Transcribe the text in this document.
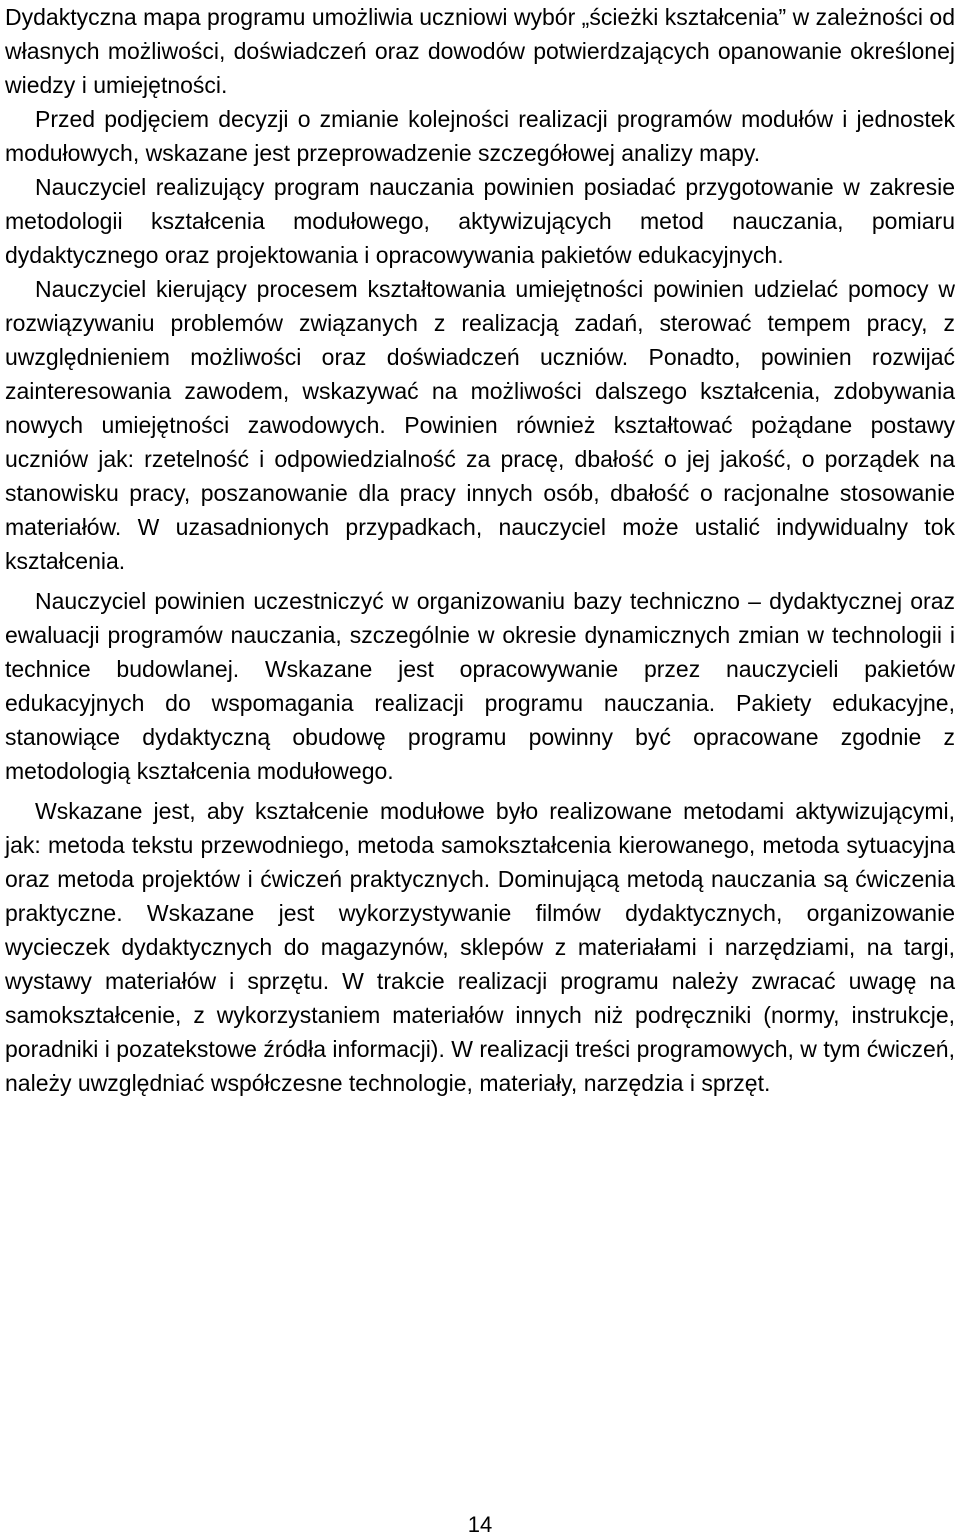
Dydaktyczna mapa programu umożliwia uczniowi wybór „ścieżki kształcenia” w zależności od własnych możliwości, doświadczeń oraz dowodów potwierdzających opanowanie określonej wiedzy i umiejętności.

Przed podjęciem decyzji o zmianie kolejności realizacji programów modułów i jednostek modułowych, wskazane jest przeprowadzenie szczegółowej analizy mapy.

Nauczyciel realizujący program nauczania powinien posiadać przygotowanie w zakresie metodologii kształcenia modułowego, aktywizujących metod nauczania, pomiaru dydaktycznego oraz projektowania i opracowywania pakietów edukacyjnych.

Nauczyciel kierujący procesem kształtowania umiejętności powinien udzielać pomocy w rozwiązywaniu problemów związanych z realizacją zadań, sterować tempem pracy, z uwzględnieniem możliwości oraz doświadczeń uczniów. Ponadto, powinien rozwijać zainteresowania zawodem, wskazywać na możliwości dalszego kształcenia, zdobywania nowych umiejętności zawodowych. Powinien również kształtować pożądane postawy uczniów jak: rzetelność i odpowiedzialność za pracę, dbałość o jej jakość, o porządek na stanowisku pracy, poszanowanie dla pracy innych osób, dbałość o racjonalne stosowanie materiałów. W uzasadnionych przypadkach, nauczyciel może ustalić indywidualny tok kształcenia.

Nauczyciel powinien uczestniczyć w organizowaniu bazy techniczno – dydaktycznej oraz ewaluacji programów nauczania, szczególnie w okresie dynamicznych zmian w technologii i technice budowlanej. Wskazane jest opracowywanie przez nauczycieli pakietów edukacyjnych do wspomagania realizacji programu nauczania. Pakiety edukacyjne, stanowiące dydaktyczną obudowę programu powinny być opracowane zgodnie z metodologią kształcenia modułowego.

Wskazane jest, aby kształcenie modułowe było realizowane metodami aktywizującymi, jak: metoda tekstu przewodniego, metoda samokształcenia kierowanego, metoda sytuacyjna oraz metoda projektów i ćwiczeń praktycznych. Dominującą metodą nauczania są ćwiczenia praktyczne. Wskazane jest wykorzystywanie filmów dydaktycznych, organizowanie wycieczek dydaktycznych do magazynów, sklepów z materiałami i narzędziami, na targi, wystawy materiałów i sprzętu. W trakcie realizacji programu należy zwracać uwagę na samokształcenie, z wykorzystaniem materiałów innych niż podręczniki (normy, instrukcje, poradniki i pozatekstowe źródła informacji). W realizacji treści programowych, w tym ćwiczeń, należy uwzględniać współczesne technologie, materiały, narzędzia i sprzęt.

14
